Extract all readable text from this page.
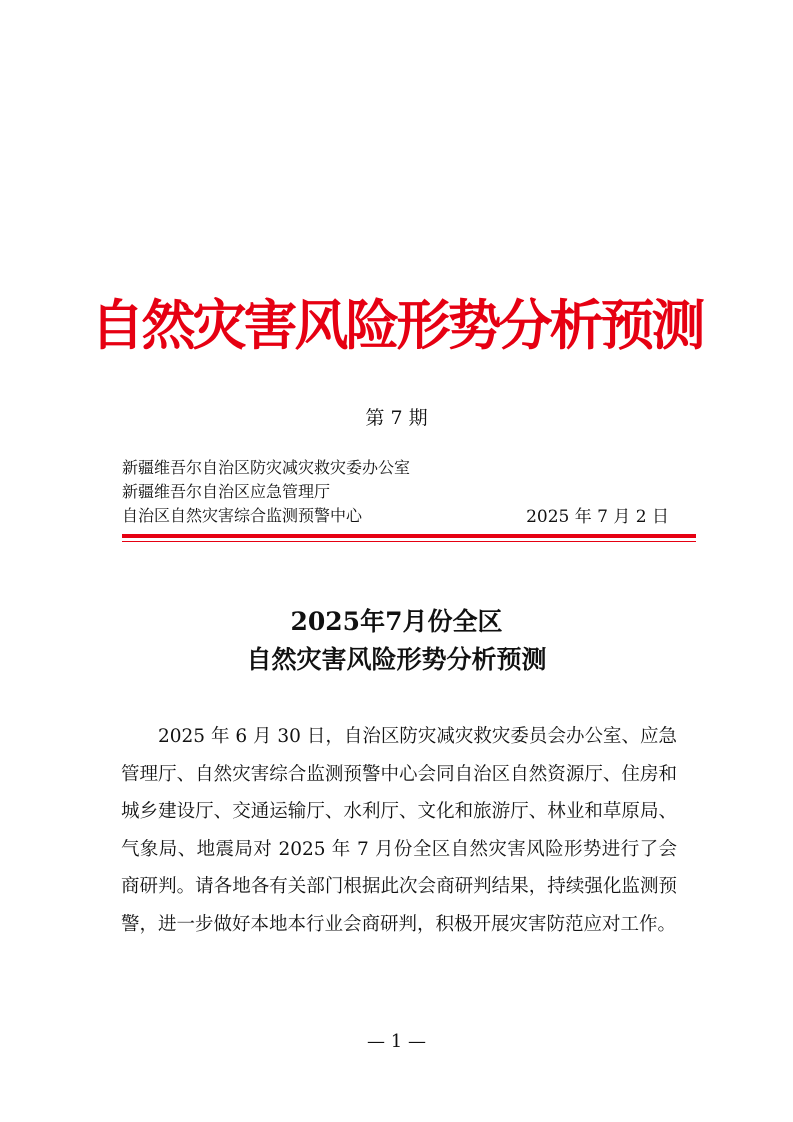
自然灾害风险形势分析预测
第 7 期
新疆维吾尔自治区防灾减灾救灾委办公室
新疆维吾尔自治区应急管理厅
自治区自然灾害综合监测预警中心	2025 年 7 月 2 日
2025年7月份全区
自然灾害风险形势分析预测

2025 年 6 月 30 日，自治区防灾减灾救灾委员会办公室、应急管理厅、自然灾害综合监测预警中心会同自治区自然资源厅、住房和城乡建设厅、交通运输厅、水利厅、文化和旅游厅、林业和草原局、气象局、地震局对 2025 年 7 月份全区自然灾害风险形势进行了会商研判。请各地各有关部门根据此次会商研判结果，持续强化监测预警，进一步做好本地本行业会商研判，积极开展灾害防范应对工作。

— 1 —
